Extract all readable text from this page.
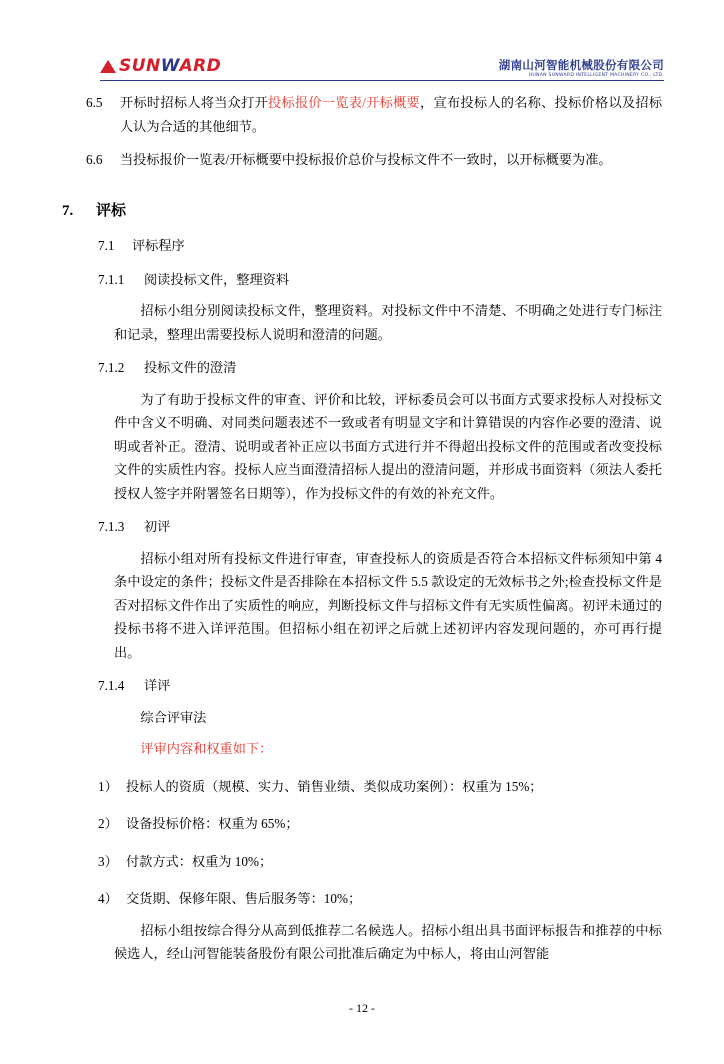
SUNWARD	湖南山河智能机械股份有限公司
HUNAN SUNWARD INTELLIGENT MACHINERY CO., LTD.
6.5	开标时招标人将当众打开投标报价一览表/开标概要，宣布投标人的名称、投标价格以及招标人认为合适的其他细节。
6.6	当投标报价一览表/开标概要中投标报价总价与投标文件不一致时，以开标概要为准。
7.	评标
7.1	评标程序
7.1.1	阅读投标文件，整理资料
招标小组分别阅读投标文件，整理资料。对投标文件中不清楚、不明确之处进行专门标注和记录，整理出需要投标人说明和澄清的问题。
7.1.2	投标文件的澄清
为了有助于投标文件的审查、评价和比较，评标委员会可以书面方式要求投标人对投标文件中含义不明确、对同类问题表述不一致或者有明显文字和计算错误的内容作必要的澄清、说明或者补正。澄清、说明或者补正应以书面方式进行并不得超出投标文件的范围或者改变投标文件的实质性内容。投标人应当面澄清招标人提出的澄清问题，并形成书面资料（须法人委托授权人签字并附署签名日期等），作为投标文件的有效的补充文件。
7.1.3	初评
招标小组对所有投标文件进行审查，审查投标人的资质是否符合本招标文件标须知中第 4 条中设定的条件；投标文件是否排除在本招标文件 5.5 款设定的无效标书之外;检查投标文件是否对招标文件作出了实质性的响应，判断投标文件与招标文件有无实质性偏离。初评未通过的投标书将不进入详评范围。但招标小组在初评之后就上述初评内容发现问题的，亦可再行提出。
7.1.4	详评
综合评审法
评审内容和权重如下：
1） 投标人的资质（规模、实力、销售业绩、类似成功案例）：权重为 15%；
2） 设备投标价格：权重为 65%；
3） 付款方式：权重为 10%；
4） 交货期、保修年限、售后服务等：10%；
招标小组按综合得分从高到低推荐二名候选人。招标小组出具书面评标报告和推荐的中标候选人，经山河智能装备股份有限公司批准后确定为中标人，将由山河智能
- 12 -
